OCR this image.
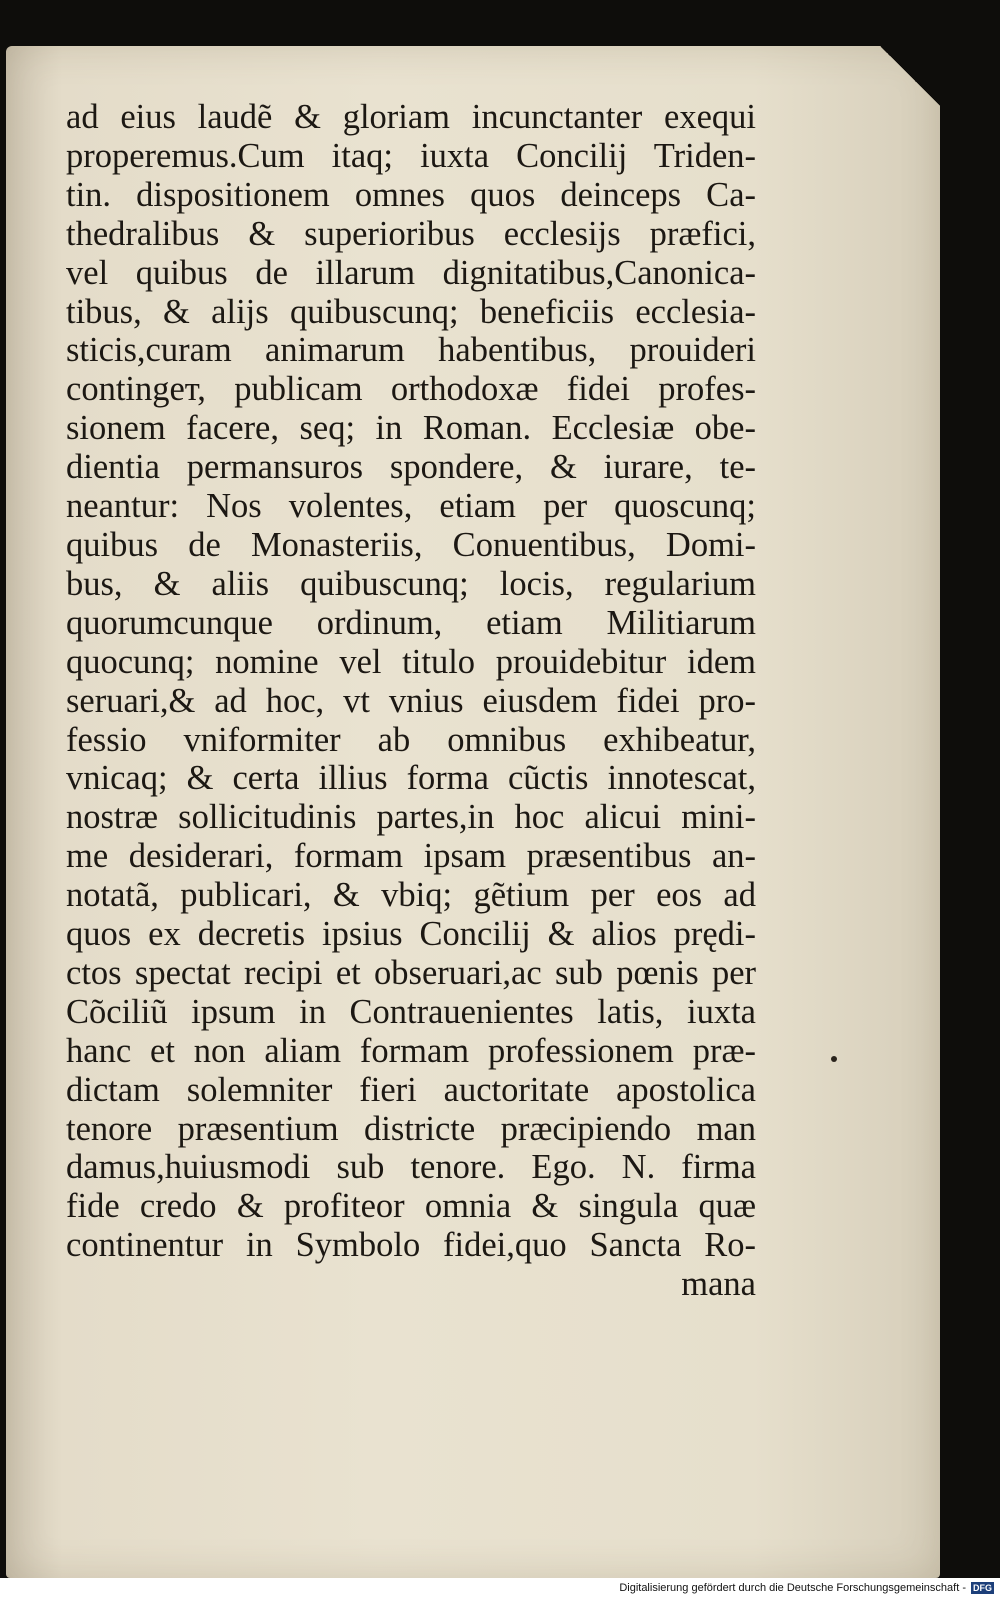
ad eius laudẽ & gloriam incunctanter exequi
properemus.Cum itaq; iuxta Concilij Triden-
tin. dispositionem omnes quos deinceps Ca-
thedralibus & superioribus ecclesijs præfici,
vel quibus de illarum dignitatibus,Canonica-
tibus, & alijs quibuscunq; beneficiis ecclesia-
sticis,curam animarum habentibus, prouideri
contingет, publicam orthodoxæ fidei profes-
sionem facere, seq; in Roman. Ecclesiæ obe-
dientia permansuros spondere, & iurare, te-
neantur: Nos volentes, etiam per quoscunq;
quibus de Monasteriis, Conuentibus, Domi-
bus, & aliis quibuscunq; locis, regularium
quorumcunque ordinum, etiam Militiarum
quocunq; nomine vel titulo prouidebitur idem
seruari,& ad hoc, vt vnius eiusdem fidei pro-
fessio vniformiter ab omnibus exhibeatur,
vnicaq; & certa illius forma cũctis innotescat,
nostræ sollicitudinis partes,in hoc alicui mini-
me desiderari, formam ipsam præsentibus an-
notatã, publicari, & vbiq; gẽtium per eos ad
quos ex decretis ipsius Concilij & alios prędi-
ctos spectat recipi et obseruari,ac sub pœnis per
Cõciliũ ipsum in Contrauenientes latis, iuxta
hanc et non aliam formam professionem præ-
dictam solemniter fieri auctoritate apostolica
tenore præsentium districte præcipiendo man
damus,huiusmodi sub tenore. Ego. N. firma
fide credo & profiteor omnia & singula quæ
continentur in Symbolo fidei,quo Sancta Ro-
mana
Digitalisierung gefördert durch die Deutsche Forschungsgemeinschaft - DFG
